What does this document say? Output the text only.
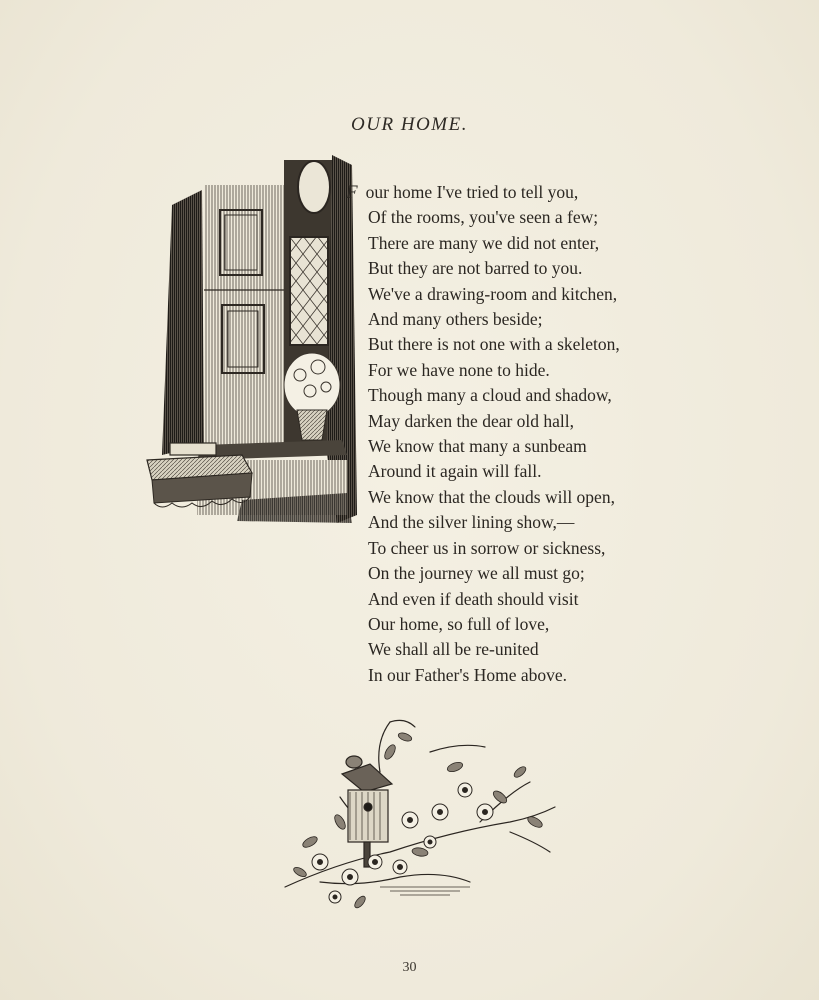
OUR HOME.
F our home I've tried to tell you,
Of the rooms, you've seen a few;
There are many we did not enter,
But they are not barred to you.
We've a drawing-room and kitchen,
And many others beside;
But there is not one with a skeleton,
For we have none to hide.
Though many a cloud and shadow,
May darken the dear old hall,
We know that many a sunbeam
Around it again will fall.
We know that the clouds will open,
And the silver lining show,—
To cheer us in sorrow or sickness,
On the journey we all must go;
And even if death should visit
Our home, so full of love,
We shall all be re-united
In our Father's Home above.
30
